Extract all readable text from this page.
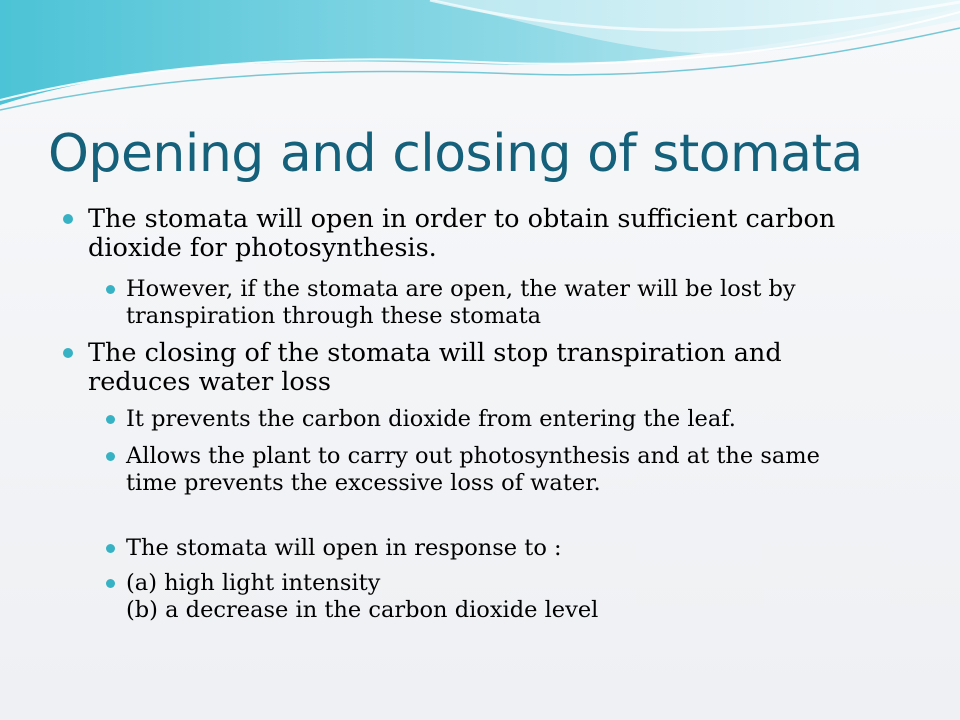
Opening and closing of stomata
The stomata will open in order to obtain sufficient carbon
dioxide for photosynthesis.
However, if the stomata are open, the water will be lost by
transpiration through these stomata
The closing of the stomata will stop transpiration and
reduces water loss
It prevents the carbon dioxide from entering the leaf.
Allows the plant to carry out photosynthesis and at the same
time prevents the excessive loss of water.
The stomata will open in response to :
(a) high light intensity
(b) a decrease in the carbon dioxide level
